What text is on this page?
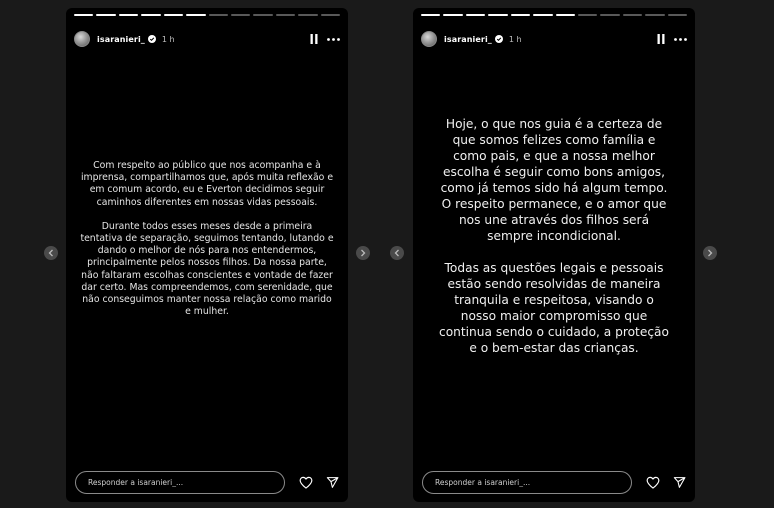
isaranieri_ 1 h

Com respeito ao público que nos acompanha e à imprensa, compartilhamos que, após muita reflexão e em comum acordo, eu e Everton decidimos seguir caminhos diferentes em nossas vidas pessoais.

Durante todos esses meses desde a primeira tentativa de separação, seguimos tentando, lutando e dando o melhor de nós para nos entendermos, principalmente pelos nossos filhos. Da nossa parte, não faltaram escolhas conscientes e vontade de fazer dar certo. Mas compreendemos, com serenidade, que não conseguimos manter nossa relação como marido e mulher.

Responder a isaranieri_...
isaranieri_ 1 h

Hoje, o que nos guia é a certeza de que somos felizes como família e como pais, e que a nossa melhor escolha é seguir como bons amigos, como já temos sido há algum tempo. O respeito permanece, e o amor que nos une através dos filhos será sempre incondicional.

Todas as questões legais e pessoais estão sendo resolvidas de maneira tranquila e respeitosa, visando o nosso maior compromisso que continua sendo o cuidado, a proteção e o bem-estar das crianças.

Responder a isaranieri_...
